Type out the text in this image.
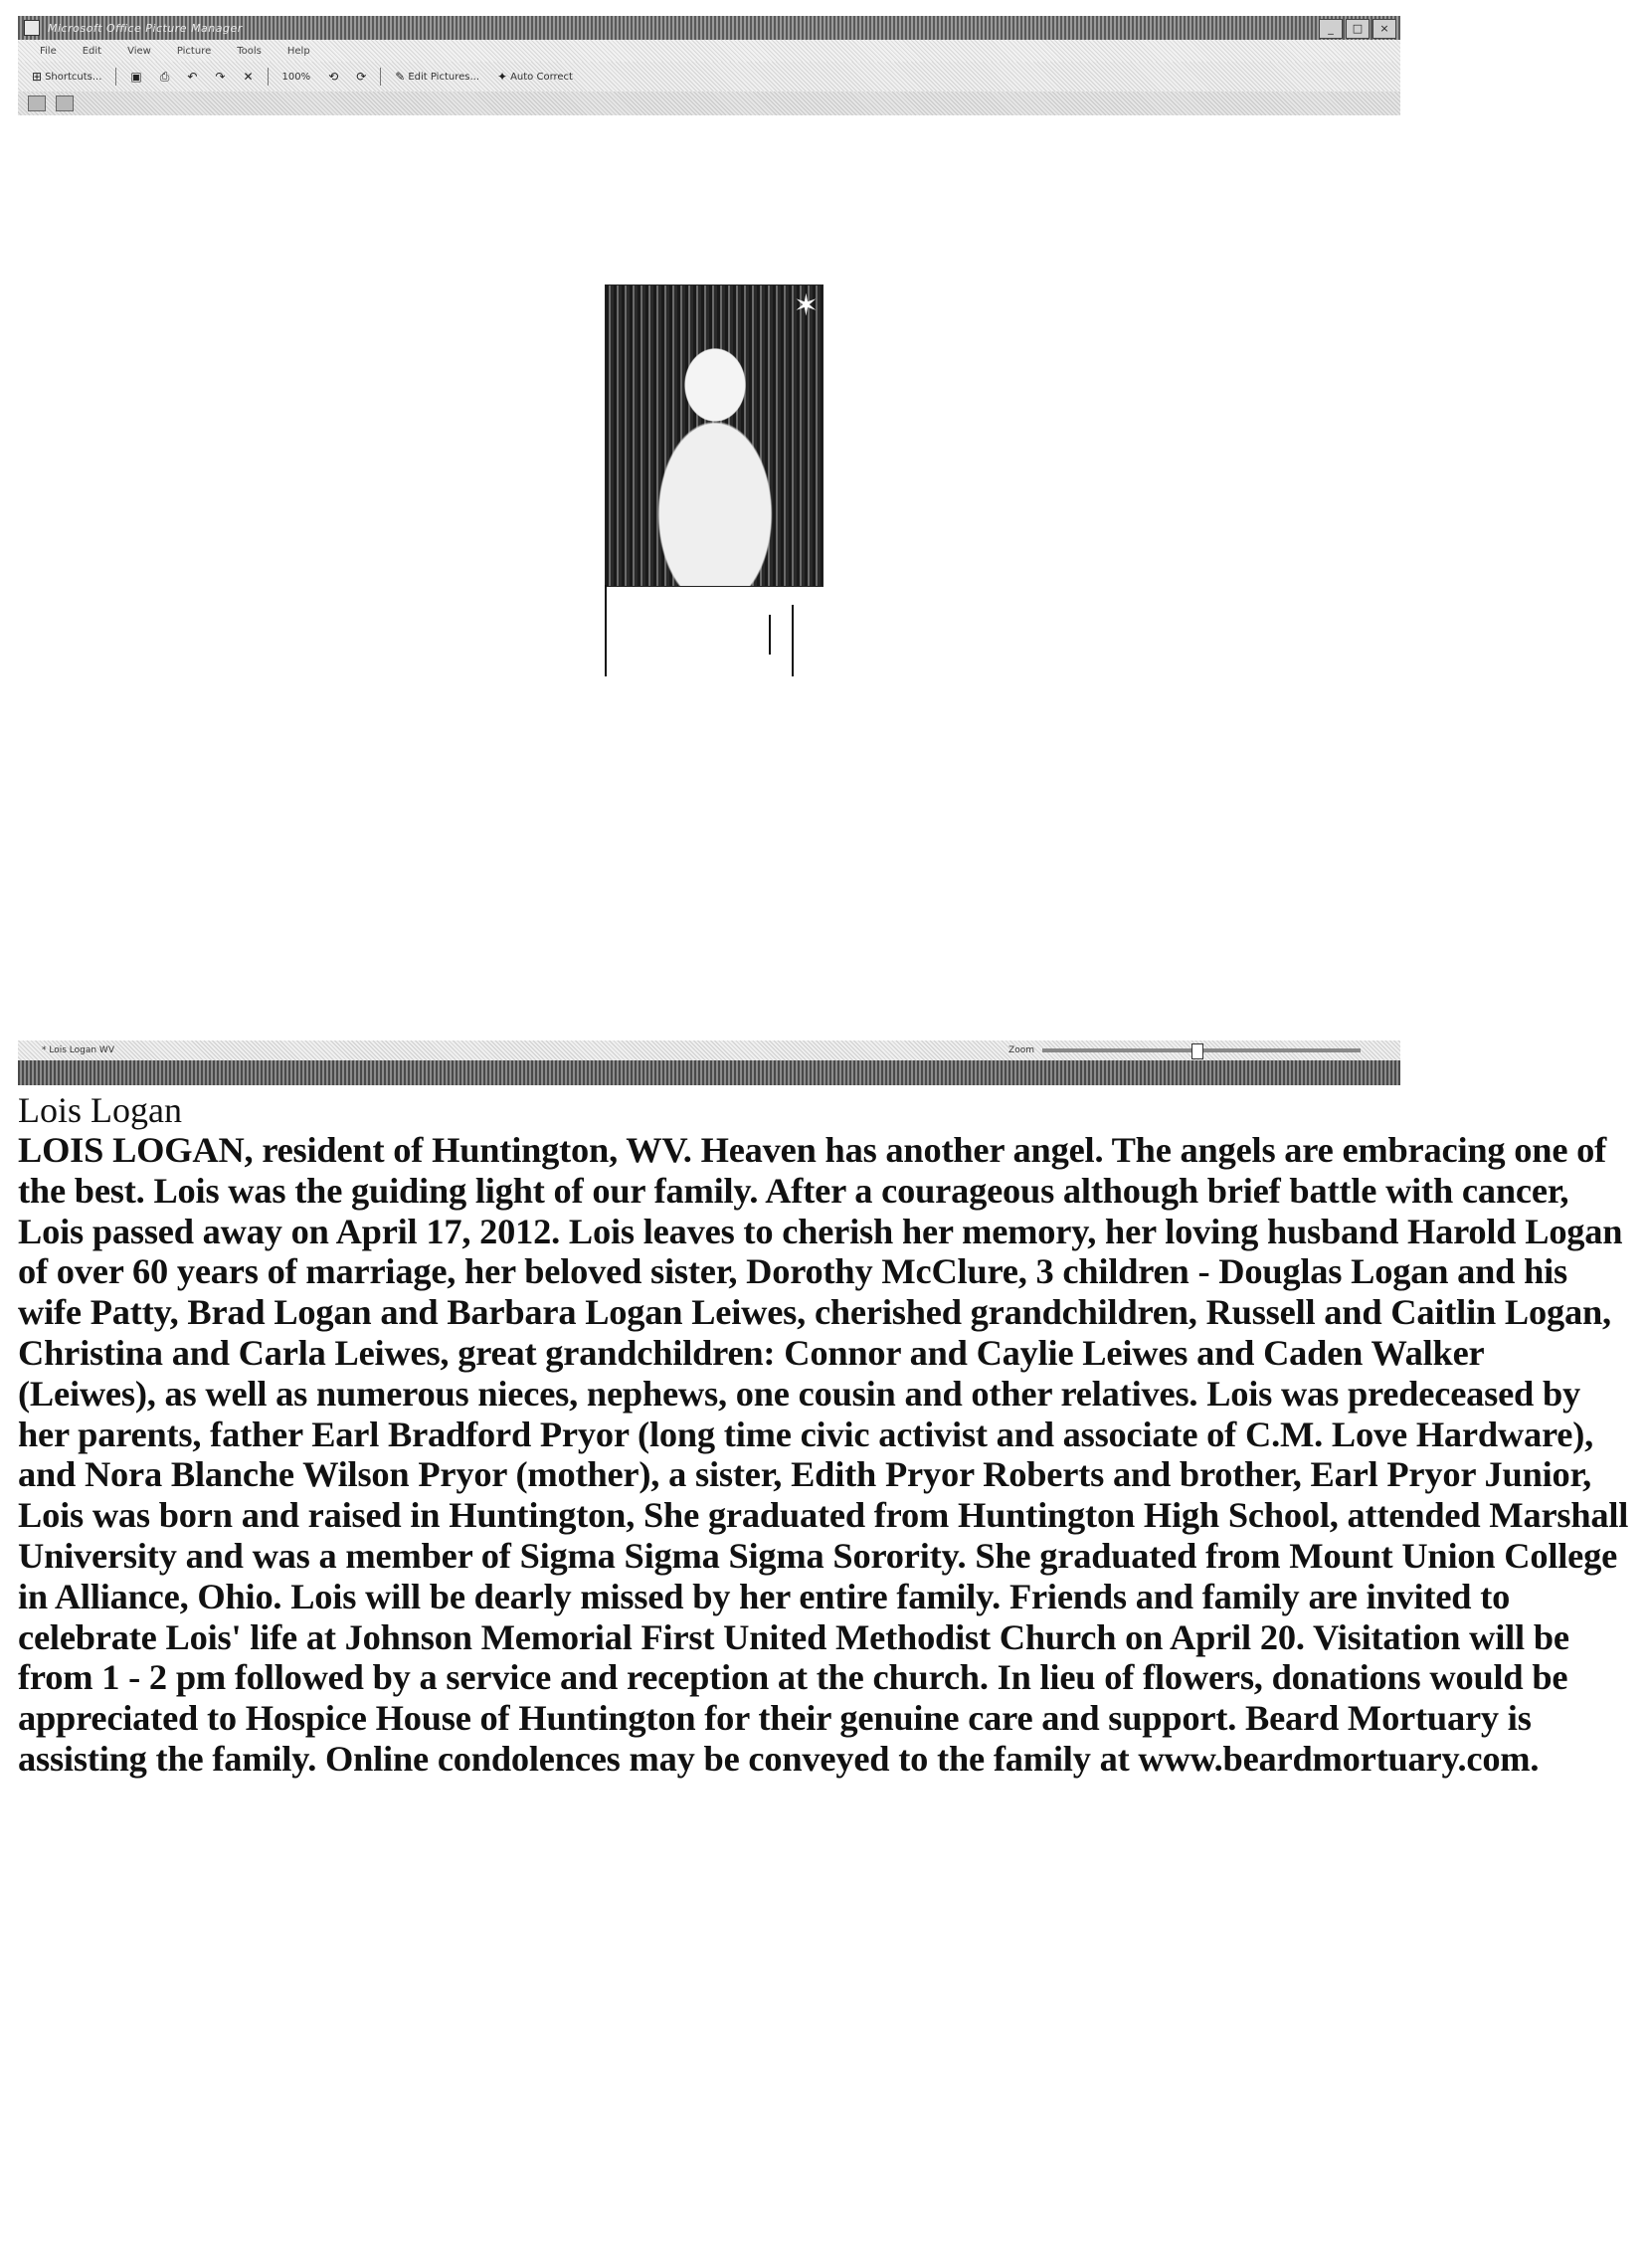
Microsoft Office Picture Manager	_	□	×
File	Edit	View	Picture	Tools	Help
⊞ Shortcuts...	▣	⎙	↶	↷	✕	100%	⟲	⟳	✎ Edit Pictures... ✦ Auto Correct
✶
* Lois Logan WV	Zoom
Lois Logan

LOIS LOGAN, resident of Huntington, WV. Heaven has another angel. The angels are embracing one of the best. Lois was the guiding light of our family. After a courageous although brief battle with cancer, Lois passed away on April 17, 2012. Lois leaves to cherish her memory, her loving husband Harold Logan of over 60 years of marriage, her beloved sister, Dorothy McClure, 3 children - Douglas Logan and his wife Patty, Brad Logan and Barbara Logan Leiwes, cherished grandchildren, Russell and Caitlin Logan, Christina and Carla Leiwes, great grandchildren: Connor and Caylie Leiwes and Caden Walker (Leiwes), as well as numerous nieces, nephews, one cousin and other relatives. Lois was predeceased by her parents, father Earl Bradford Pryor (long time civic activist and associate of C.M. Love Hardware), and Nora Blanche Wilson Pryor (mother), a sister, Edith Pryor Roberts and brother, Earl Pryor Junior, Lois was born and raised in Huntington, She graduated from Huntington High School, attended Marshall University and was a member of Sigma Sigma Sigma Sorority. She graduated from Mount Union College in Alliance, Ohio. Lois will be dearly missed by her entire family. Friends and family are invited to celebrate Lois' life at Johnson Memorial First United Methodist Church on April 20. Visitation will be from 1 - 2 pm followed by a service and reception at the church. In lieu of flowers, donations would be appreciated to Hospice House of Huntington for their genuine care and support. Beard Mortuary is assisting the family. Online condolences may be conveyed to the family at www.beardmortuary.com.
